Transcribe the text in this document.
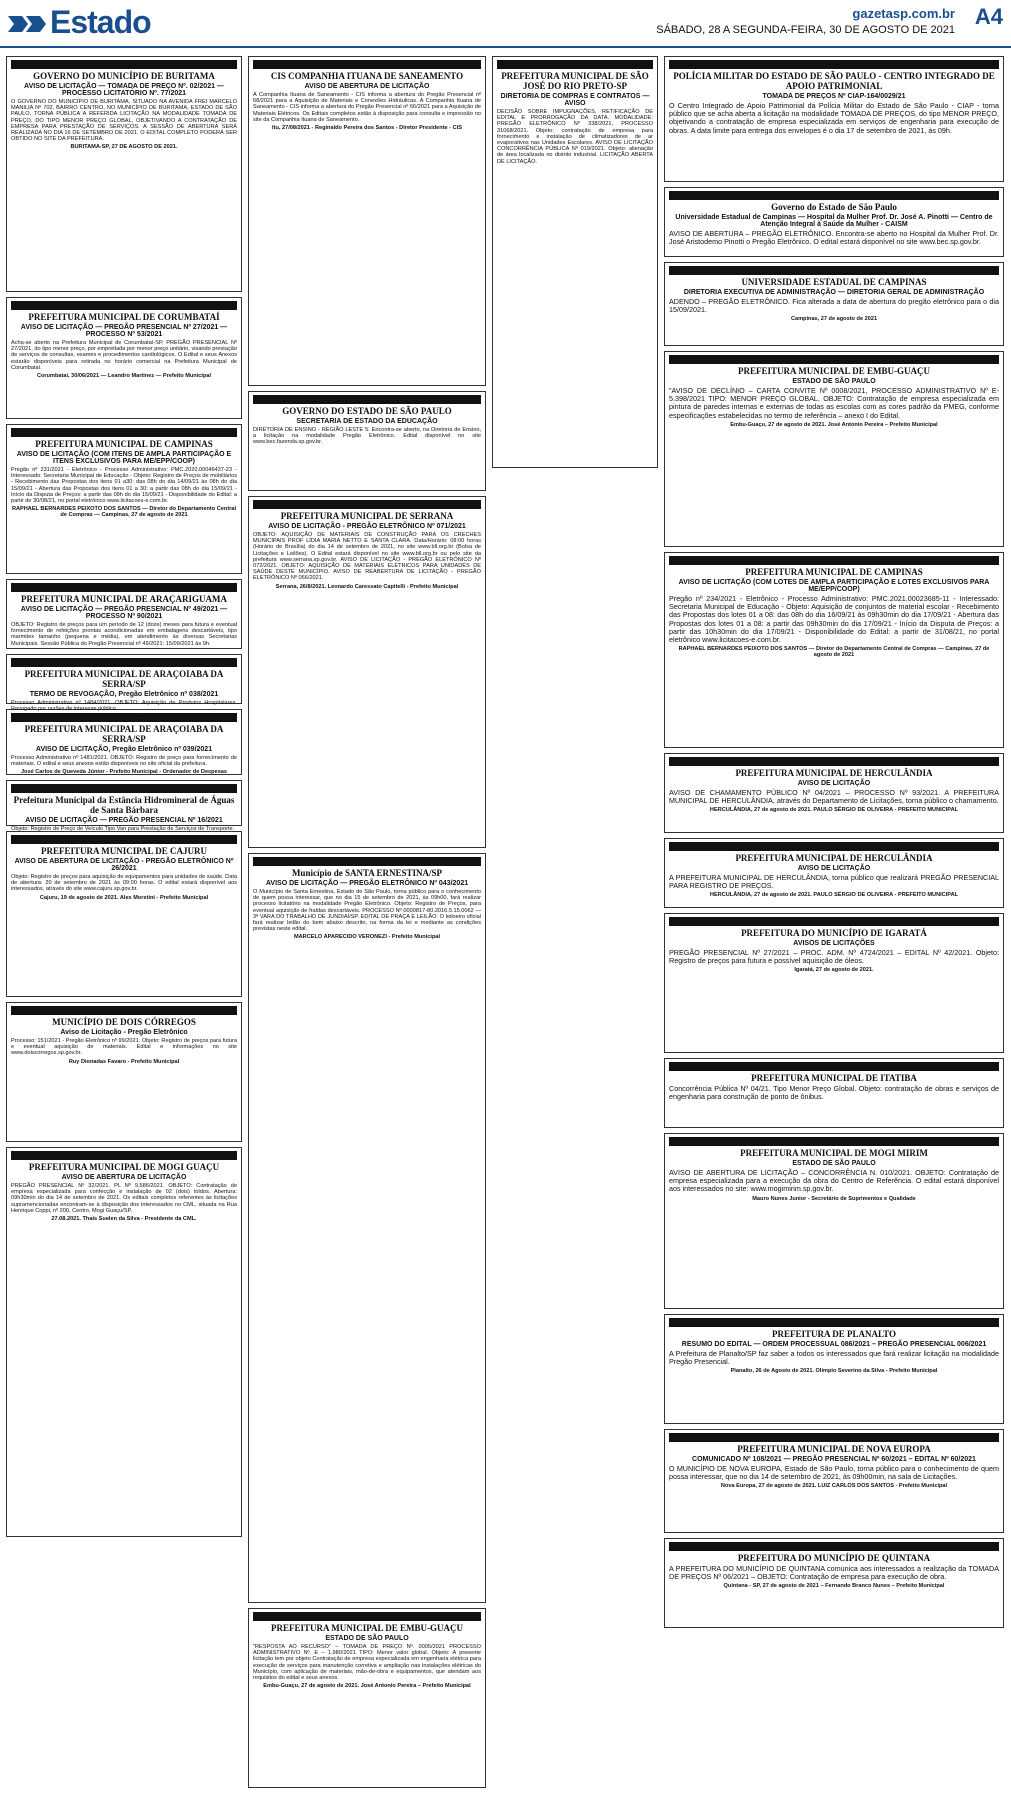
Estado	gazetasp.com.br
SÁBADO, 28 A SEGUNDA-FEIRA, 30 DE AGOSTO DE 2021
A4
GOVERNO DO MUNICÍPIO DE BURITAMA
AVISO DE LICITAÇÃO — TOMADA DE PREÇO Nº. 02/2021 — PROCESSO LICITATÓRIO Nº. 77/2021

O GOVERNO DO MUNICÍPIO DE BURITAMA, SITUADO NA AVENIDA FREI MARCELO MANILIA Nº 702, BAIRRO CENTRO, NO MUNICÍPIO DE BURITAMA, ESTADO DE SÃO PAULO, TORNA PÚBLICA A REFERIDA LICITAÇÃO NA MODALIDADE TOMADA DE PREÇO, DO TIPO MENOR PREÇO GLOBAL, OBJETIVANDO A CONTRATAÇÃO DE EMPRESA PARA PRESTAÇÃO DE SERVIÇOS. A SESSÃO DE ABERTURA SERÁ REALIZADA NO DIA 16 DE SETEMBRO DE 2021. O EDITAL COMPLETO PODERÁ SER OBTIDO NO SITE DA PREFEITURA.

BURITAMA-SP, 27 DE AGOSTO DE 2021.
PREFEITURA MUNICIPAL DE CORUMBATAÍ
AVISO DE LICITAÇÃO — PREGÃO PRESENCIAL Nº 27/2021 — PROCESSO Nº 53/2021

Acha-se aberto na Prefeitura Municipal de Corumbataí-SP, PREGÃO PRESENCIAL Nº 27/2021, do tipo menor preço, por empreitada por menor preço unitário, visando prestação de serviços de consultas, exames e procedimentos cardiológicos. O Edital e seus Anexos estarão disponíveis para retirada no horário comercial na Prefeitura Municipal de Corumbataí.

Corumbataí, 30/06/2021 — Leandro Martinez — Prefeito Municipal
PREFEITURA MUNICIPAL DE CAMPINAS
AVISO DE LICITAÇÃO (COM ITENS DE AMPLA PARTICIPAÇÃO E ITENS EXCLUSIVOS PARA ME/EPP/COOP)

Pregão nº 231/2021 - Eletrônico - Processo Administrativo: PMC.2020.00046437-23 - Interessado: Secretaria Municipal de Educação - Objeto: Registro de Preços de mobiliários - Recebimento das Propostas dos itens 01 a30: das 08h do dia 14/09/21 às 08h do dia 15/09/21 - Abertura das Propostas dos itens 01 a 30: a partir das 08h do dia 15/09/21 - Início da Disputa de Preços: a partir das 09h do dia 15/09/21 - Disponibilidade do Edital: a partir de 30/08/21, no portal eletrônico www.licitacoes-e.com.br.

RAPHAEL BERNARDES PEIXOTO DOS SANTOS — Diretor do Departamento Central de Compras — Campinas, 27 de agosto de 2021
PREFEITURA MUNICIPAL DE ARAÇARIGUAMA
AVISO DE LICITAÇÃO — PREGÃO PRESENCIAL Nº 49/2021 — PROCESSO Nº 90/2021

OBJETO: Registro de preços para um período de 12 (doze) meses para futura e eventual fornecimento de refeições prontas acondicionadas em embalagens descartáveis, tipo marmitex tamanho (pequena e média), em atendimento às diversas Secretarias Municipais. Sessão Pública do Pregão Presencial nº 49/2021: 15/09/2021 às 9h.

PREFEITURA MUNICIPAL DE ARAÇOIABA DA SERRA/SP
TERMO DE REVOGAÇÃO, Pregão Eletrônico nº 038/2021

Processo Administrativo nº 1484/2021. OBJETO: Aquisição de Produtos Hospitalares. Revogado por razões de interesse público.

José Carlos de Queveda Júnior - Prefeito Municipal
PREFEITURA MUNICIPAL DE ARAÇOIABA DA SERRA/SP
AVISO DE LICITAÇÃO, Pregão Eletrônico nº 039/2021

Processo Administrativo nº 1481/2021. OBJETO: Registro de preço para fornecimento de materiais. O edital e seus anexos estão disponíveis no site oficial da prefeitura.

José Carlos de Queveda Júnior - Prefeito Municipal - Ordenador de Despesas
Prefeitura Municipal da Estância Hidromineral de Águas de Santa Bárbara
AVISO DE LICITAÇÃO — PREGÃO PRESENCIAL Nº 16/2021

Objeto: Registro de Preço de Veículo Tipo Van para Prestação de Serviços de Transporte.

PREFEITURA MUNICIPAL DE CAJURU
AVISO DE ABERTURA DE LICITAÇÃO - PREGÃO ELETRÔNICO Nº 26/2021

Objeto: Registro de preços para aquisição de equipamentos para unidades de saúde. Data de abertura: 20 de setembro de 2021 às 09:00 horas. O edital estará disponível aos interessados, através do site www.cajuru.sp.gov.br.

Cajuru, 19 de agosto de 2021. Alex Moretini - Prefeito Municipal
MUNICÍPIO DE DOIS CÓRREGOS
Aviso de Licitação - Pregão Eletrônico

Processo: 151/2021 - Pregão Eletrônico nº 99/2021. Objeto: Registro de preços para futura e eventual aquisição de materiais. Edital e informações no site www.doiscorregos.sp.gov.br.

Ruy Dionadas Favaro - Prefeito Municipal
PREFEITURA MUNICIPAL DE MOGI GUAÇU
AVISO DE ABERTURA DE LICITAÇÃO

PREGÃO PRESENCIAL Nº 32/2021. PL Nº 9.586/2021. OBJETO: Contratação de empresa especializada para confecção e instalação de 02 (dois) toldos. Abertura: 09h30min do dia 14 de setembro de 2021. Os editais completos referentes às licitações supramencionadas encontram-se à disposição dos interessados no CML, situada na Rua Henrique Coppi, nº 200, Centro, Mogi Guaçu/SP.

27.08.2021. Thaís Suelen da Silva - Presidente da CML.
CIS COMPANHIA ITUANA DE SANEAMENTO
AVISO DE ABERTURA DE LICITAÇÃO

A Companhia Ituana de Saneamento - CIS informa a abertura do Pregão Presencial nº 68/2021 para a Aquisição de Materiais e Conexões Hidráulicas. A Companhia Ituana de Saneamento - CIS informa a abertura do Pregão Presencial nº 66/2021 para a Aquisição de Materiais Elétricos. Os Editais completos estão à disposição para consulta e impressão no site da Companhia Ituana de Saneamento.

Itu, 27/08/2021 - Reginaldo Pereira dos Santos - Diretor Presidente - CIS
GOVERNO DO ESTADO DE SÃO PAULO
SECRETARIA DE ESTADO DA EDUCAÇÃO

DIRETORIA DE ENSINO - REGIÃO LESTE 5. Encontra-se aberto, na Diretoria de Ensino, a licitação na modalidade Pregão Eletrônico. Edital disponível no site www.bec.fazenda.sp.gov.br.

PREFEITURA MUNICIPAL DE SERRANA
AVISO DE LICITAÇÃO - PREGÃO ELETRÔNICO Nº 071/2021

OBJETO: AQUISIÇÃO DE MATERIAIS DE CONSTRUÇÃO PARA OS CRECHES MUNICIPAIS PROF LÍDIA MARIA NETTO E SANTA CLARA. Data/Horário: 08:00 horas (Horário de Brasília) do dia 14 de setembro de 2021, no site www.bll.org.br (Bolsa de Licitações e Leilões). O Edital estará disponível no site www.bll.org.br ou pelo site da prefeitura www.serrana.sp.gov.br. AVISO DE LICITAÇÃO - PREGÃO ELETRÔNICO Nº 072/2021. OBJETO: AQUISIÇÃO DE MATERIAIS ELÉTRICOS PARA UNIDADES DE SAÚDE DESTE MUNICÍPIO. AVISO DE REABERTURA DE LICITAÇÃO - PREGÃO ELETRÔNICO Nº 066/2021.

Serrana, 26/8/2021. Leonardo Caressato Capitelli - Prefeito Municipal
Município de SANTA ERNESTINA/SP
AVISO DE LICITAÇÃO — PREGÃO ELETRÔNICO Nº 043/2021

O Município de Santa Ernestina, Estado de São Paulo, torna público para o conhecimento de quem possa interessar, que no dia 15 de setembro de 2021, às 09h00, fará realizar processo licitatório na modalidade Pregão Eletrônico. Objeto: Registro de Preços, para eventual aquisição de fraldas descartáveis. PROCESSO Nº 0000817-80.2016.5.15.0062 — 3ª VARA DO TRABALHO DE JUNDIAÍ/SP. EDITAL DE PRAÇA E LEILÃO. O leiloeiro oficial fará realizar leilão do bem abaixo descrito, na forma da lei e mediante as condições previstas neste edital.

MARCELO APARECIDO VERONEZI - Prefeito Municipal
PREFEITURA MUNICIPAL DE EMBU-GUAÇU
ESTADO DE SÃO PAULO

"RESPOSTA AO RECURSO" – TOMADA DE PREÇO Nº. 0005/2021 PROCESSO ADMINISTRATIVO Nº. E – 1.980/2021 TIPO: Menor valor global. Objeto: A presente licitação tem por objeto Contratação de empresa especializada em engenharia elétrica para execução de serviços para manutenção corretiva e ampliação nas instalações elétricas do Município, com aplicação de materiais, mão-de-obra e equipamentos, que atendam aos requisitos do edital e seus anexos.

Embu-Guaçu, 27 de agosto de 2021. José Antonio Pereira – Prefeito Municipal
PREFEITURA MUNICIPAL DE SÃO JOSÉ DO RIO PRETO-SP
DIRETORIA DE COMPRAS E CONTRATOS — AVISO

DECISÃO SOBRE IMPUGNAÇÕES, RETIFICAÇÃO DE EDITAL E PRORROGAÇÃO DA DATA. MODALIDADE: PREGÃO ELETRÔNICO Nº 338/2021, PROCESSO 31068/2021. Objeto: contratação de empresa para fornecimento e instalação de climatizadores de ar evaporativos nas Unidades Escolares. AVISO DE LICITAÇÃO CONCORRÊNCIA PÚBLICA Nº 019/2021. Objeto: alienação de área localizada no distrito industrial. LICITAÇÃO ABERTA DE LICITAÇÃO.

POLÍCIA MILITAR DO ESTADO DE SÃO PAULO - CENTRO INTEGRADO DE APOIO PATRIMONIAL
TOMADA DE PREÇOS Nº CIAP-164/0029/21

O Centro Integrado de Apoio Patrimonial da Polícia Militar do Estado de São Paulo - CIAP - torna público que se acha aberta a licitação na modalidade TOMADA DE PREÇOS, do tipo MENOR PREÇO, objetivando a contratação de empresa especializada em serviços de engenharia para execução de obras. A data limite para entrega dos envelopes é o dia 17 de setembro de 2021, às 09h.

Governo do Estado de São Paulo
Universidade Estadual de Campinas — Hospital da Mulher Prof. Dr. José A. Pinotti — Centro de Atenção Integral à Saúde da Mulher - CAISM

AVISO DE ABERTURA – PREGÃO ELETRÔNICO. Encontra-se aberto no Hospital da Mulher Prof. Dr. José Aristodemo Pinotti o Pregão Eletrônico. O edital estará disponível no site www.bec.sp.gov.br.

UNIVERSIDADE ESTADUAL DE CAMPINAS
DIRETORIA EXECUTIVA DE ADMINISTRAÇÃO — DIRETORIA GERAL DE ADMINISTRAÇÃO

ADENDO – PREGÃO ELETRÔNICO. Fica alterada a data de abertura do pregão eletrônico para o dia 15/09/2021.

Campinas, 27 de agosto de 2021
PREFEITURA MUNICIPAL DE EMBU-GUAÇU
ESTADO DE SÃO PAULO

"AVISO DE DECLÍNIO – CARTA CONVITE Nº 0008/2021, PROCESSO ADMINISTRATIVO Nº E-5.398/2021 TIPO: MENOR PREÇO GLOBAL. OBJETO: Contratação de empresa especializada em pintura de paredes internas e externas de todas as escolas com as cores padrão da PMEG, conforme especificações estabelecidas no termo de referência – anexo I do Edital.

Embu-Guaçu, 27 de agosto de 2021. José Antonio Pereira – Prefeito Municipal
PREFEITURA MUNICIPAL DE CAMPINAS
AVISO DE LICITAÇÃO (COM LOTES DE AMPLA PARTICIPAÇÃO E LOTES EXCLUSIVOS PARA ME/EPP/COOP)

Pregão nº 234/2021 - Eletrônico - Processo Administrativo: PMC.2021.00023685-11 - Interessado: Secretaria Municipal de Educação - Objeto: Aquisição de conjuntos de material escolar - Recebimento das Propostas dos lotes 01 a 08: das 08h do dia 16/09/21 às 09h30min do dia 17/09/21 - Abertura das Propostas dos lotes 01 a 08: a partir das 09h30min do dia 17/09/21 - Início da Disputa de Preços: a partir das 10h30min do dia 17/09/21 - Disponibilidade do Edital: a partir de 31/08/21, no portal eletrônico www.licitacoes-e.com.br.

RAPHAEL BERNARDES PEIXOTO DOS SANTOS — Diretor do Departamento Central de Compras — Campinas, 27 de agosto de 2021
PREFEITURA MUNICIPAL DE HERCULÂNDIA
AVISO DE LICITAÇÃO

AVISO DE CHAMAMENTO PÚBLICO Nº 04/2021 – PROCESSO Nº 93/2021. A PREFEITURA MUNICIPAL DE HERCULÂNDIA, através do Departamento de Licitações, torna público o chamamento.

HERCULÂNDIA, 27 de agosto de 2021. PAULO SÉRGIO DE OLIVEIRA - PREFEITO MUNICIPAL
PREFEITURA MUNICIPAL DE HERCULÂNDIA
AVISO DE LICITAÇÃO

A PREFEITURA MUNICIPAL DE HERCULÂNDIA, torna público que realizará PREGÃO PRESENCIAL PARA REGISTRO DE PREÇOS.

HERCULÂNDIA, 27 de agosto de 2021. PAULO SÉRGIO DE OLIVEIRA - PREFEITO MUNICIPAL
PREFEITURA DO MUNICÍPIO DE IGARATÁ
AVISOS DE LICITAÇÕES

PREGÃO PRESENCIAL Nº 27/2021 – PROC. ADM. Nº 4724/2021 – EDITAL Nº 42/2021. Objeto: Registro de preços para futura e possível aquisição de óleos.

Igaratá, 27 de agosto de 2021.
PREFEITURA MUNICIPAL DE ITATIBA

Concorrência Pública Nº 04/21. Tipo Menor Preço Global. Objeto: contratação de obras e serviços de engenharia para construção de ponto de ônibus.

PREFEITURA MUNICIPAL DE MOGI MIRIM
ESTADO DE SÃO PAULO

AVISO DE ABERTURA DE LICITAÇÃO – CONCORRÊNCIA N. 010/2021. OBJETO: Contratação de empresa especializada para a execução da obra do Centro de Referência. O edital estará disponível aos interessados no site: www.mogimirim.sp.gov.br.

Mauro Nunes Junior - Secretário de Suprimentos e Qualidade
PREFEITURA DE PLANALTO
RESUMO DO EDITAL — ORDEM PROCESSUAL 086/2021 – PREGÃO PRESENCIAL 006/2021

A Prefeitura de Planalto/SP faz saber a todos os interessados que fará realizar licitação na modalidade Pregão Presencial.

Planalto, 26 de Agosto de 2021. Olímpio Severino da Silva - Prefeito Municipal
PREFEITURA MUNICIPAL DE NOVA EUROPA
COMUNICADO Nº 108/2021 — PREGÃO PRESENCIAL Nº 60/2021 – EDITAL Nº 60/2021

O MUNICÍPIO DE NOVA EUROPA, Estado de São Paulo, torna público para o conhecimento de quem possa interessar, que no dia 14 de setembro de 2021, às 09h00min, na sala de Licitações.

Nova Europa, 27 de agosto de 2021. LUIZ CARLOS DOS SANTOS - Prefeito Municipal
PREFEITURA DO MUNICÍPIO DE QUINTANA

A PREFEITURA DO MUNICÍPIO DE QUINTANA comunica aos interessados a realização da TOMADA DE PREÇOS Nº 06/2021 – OBJETO: Contratação de empresa para execução de obra.

Quintana - SP, 27 de agosto de 2021 – Fernando Branco Nunes – Prefeito Municipal
